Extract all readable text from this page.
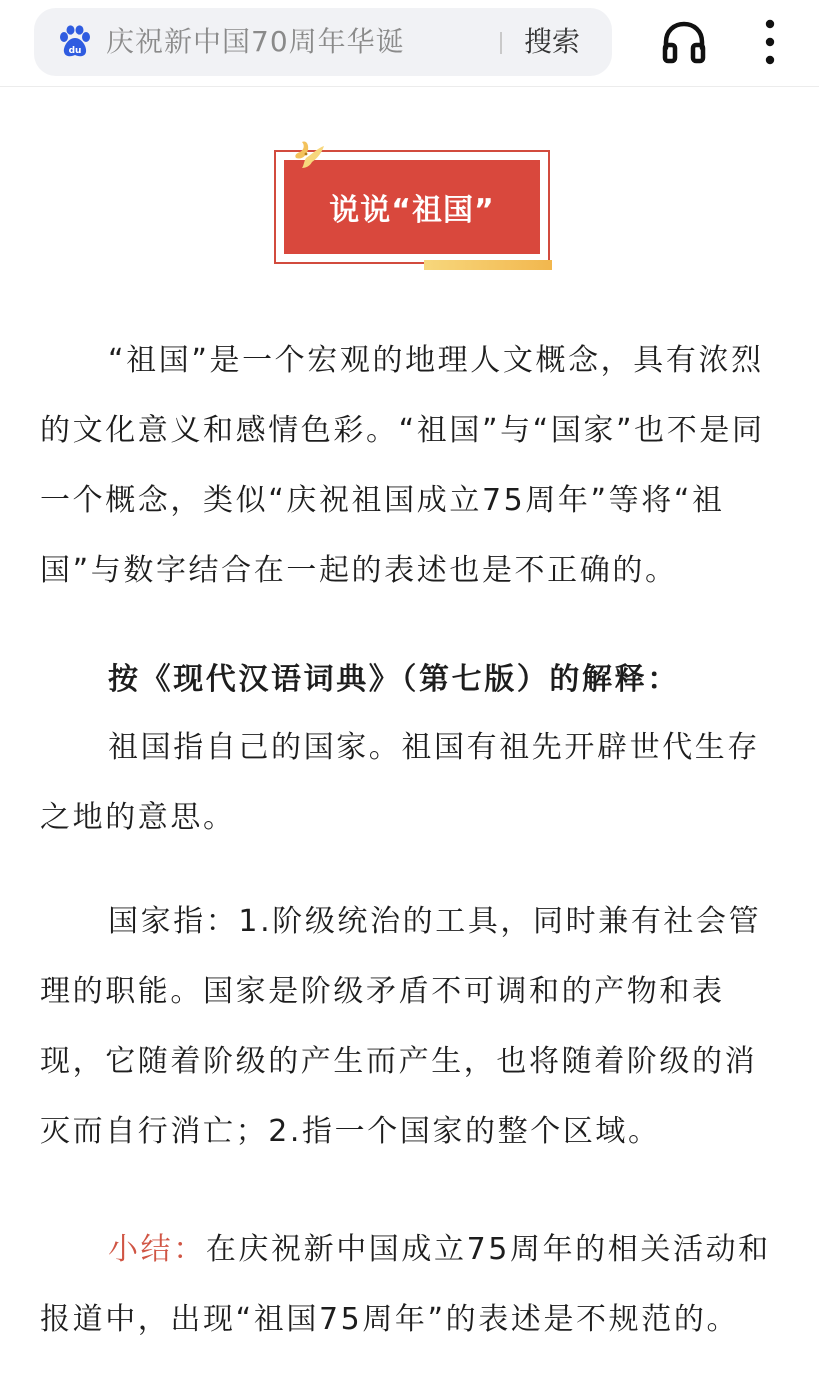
du 庆祝新中国70周年华诞	搜索
说说“祖国”

“祖国”是一个宏观的地理人文概念，具有浓烈的文化意义和感情色彩。“祖国”与“国家”也不是同一个概念，类似“庆祝祖国成立75周年”等将“祖国”与数字结合在一起的表述也是不正确的。

按《现代汉语词典》（第七版）的解释：

祖国指自己的国家。祖国有祖先开辟世代生存之地的意思。

国家指：1.阶级统治的工具，同时兼有社会管理的职能。国家是阶级矛盾不可调和的产物和表现，它随着阶级的产生而产生，也将随着阶级的消灭而自行消亡；2.指一个国家的整个区域。

小结：在庆祝新中国成立75周年的相关活动和报道中，出现“祖国75周年”的表述是不规范的。
